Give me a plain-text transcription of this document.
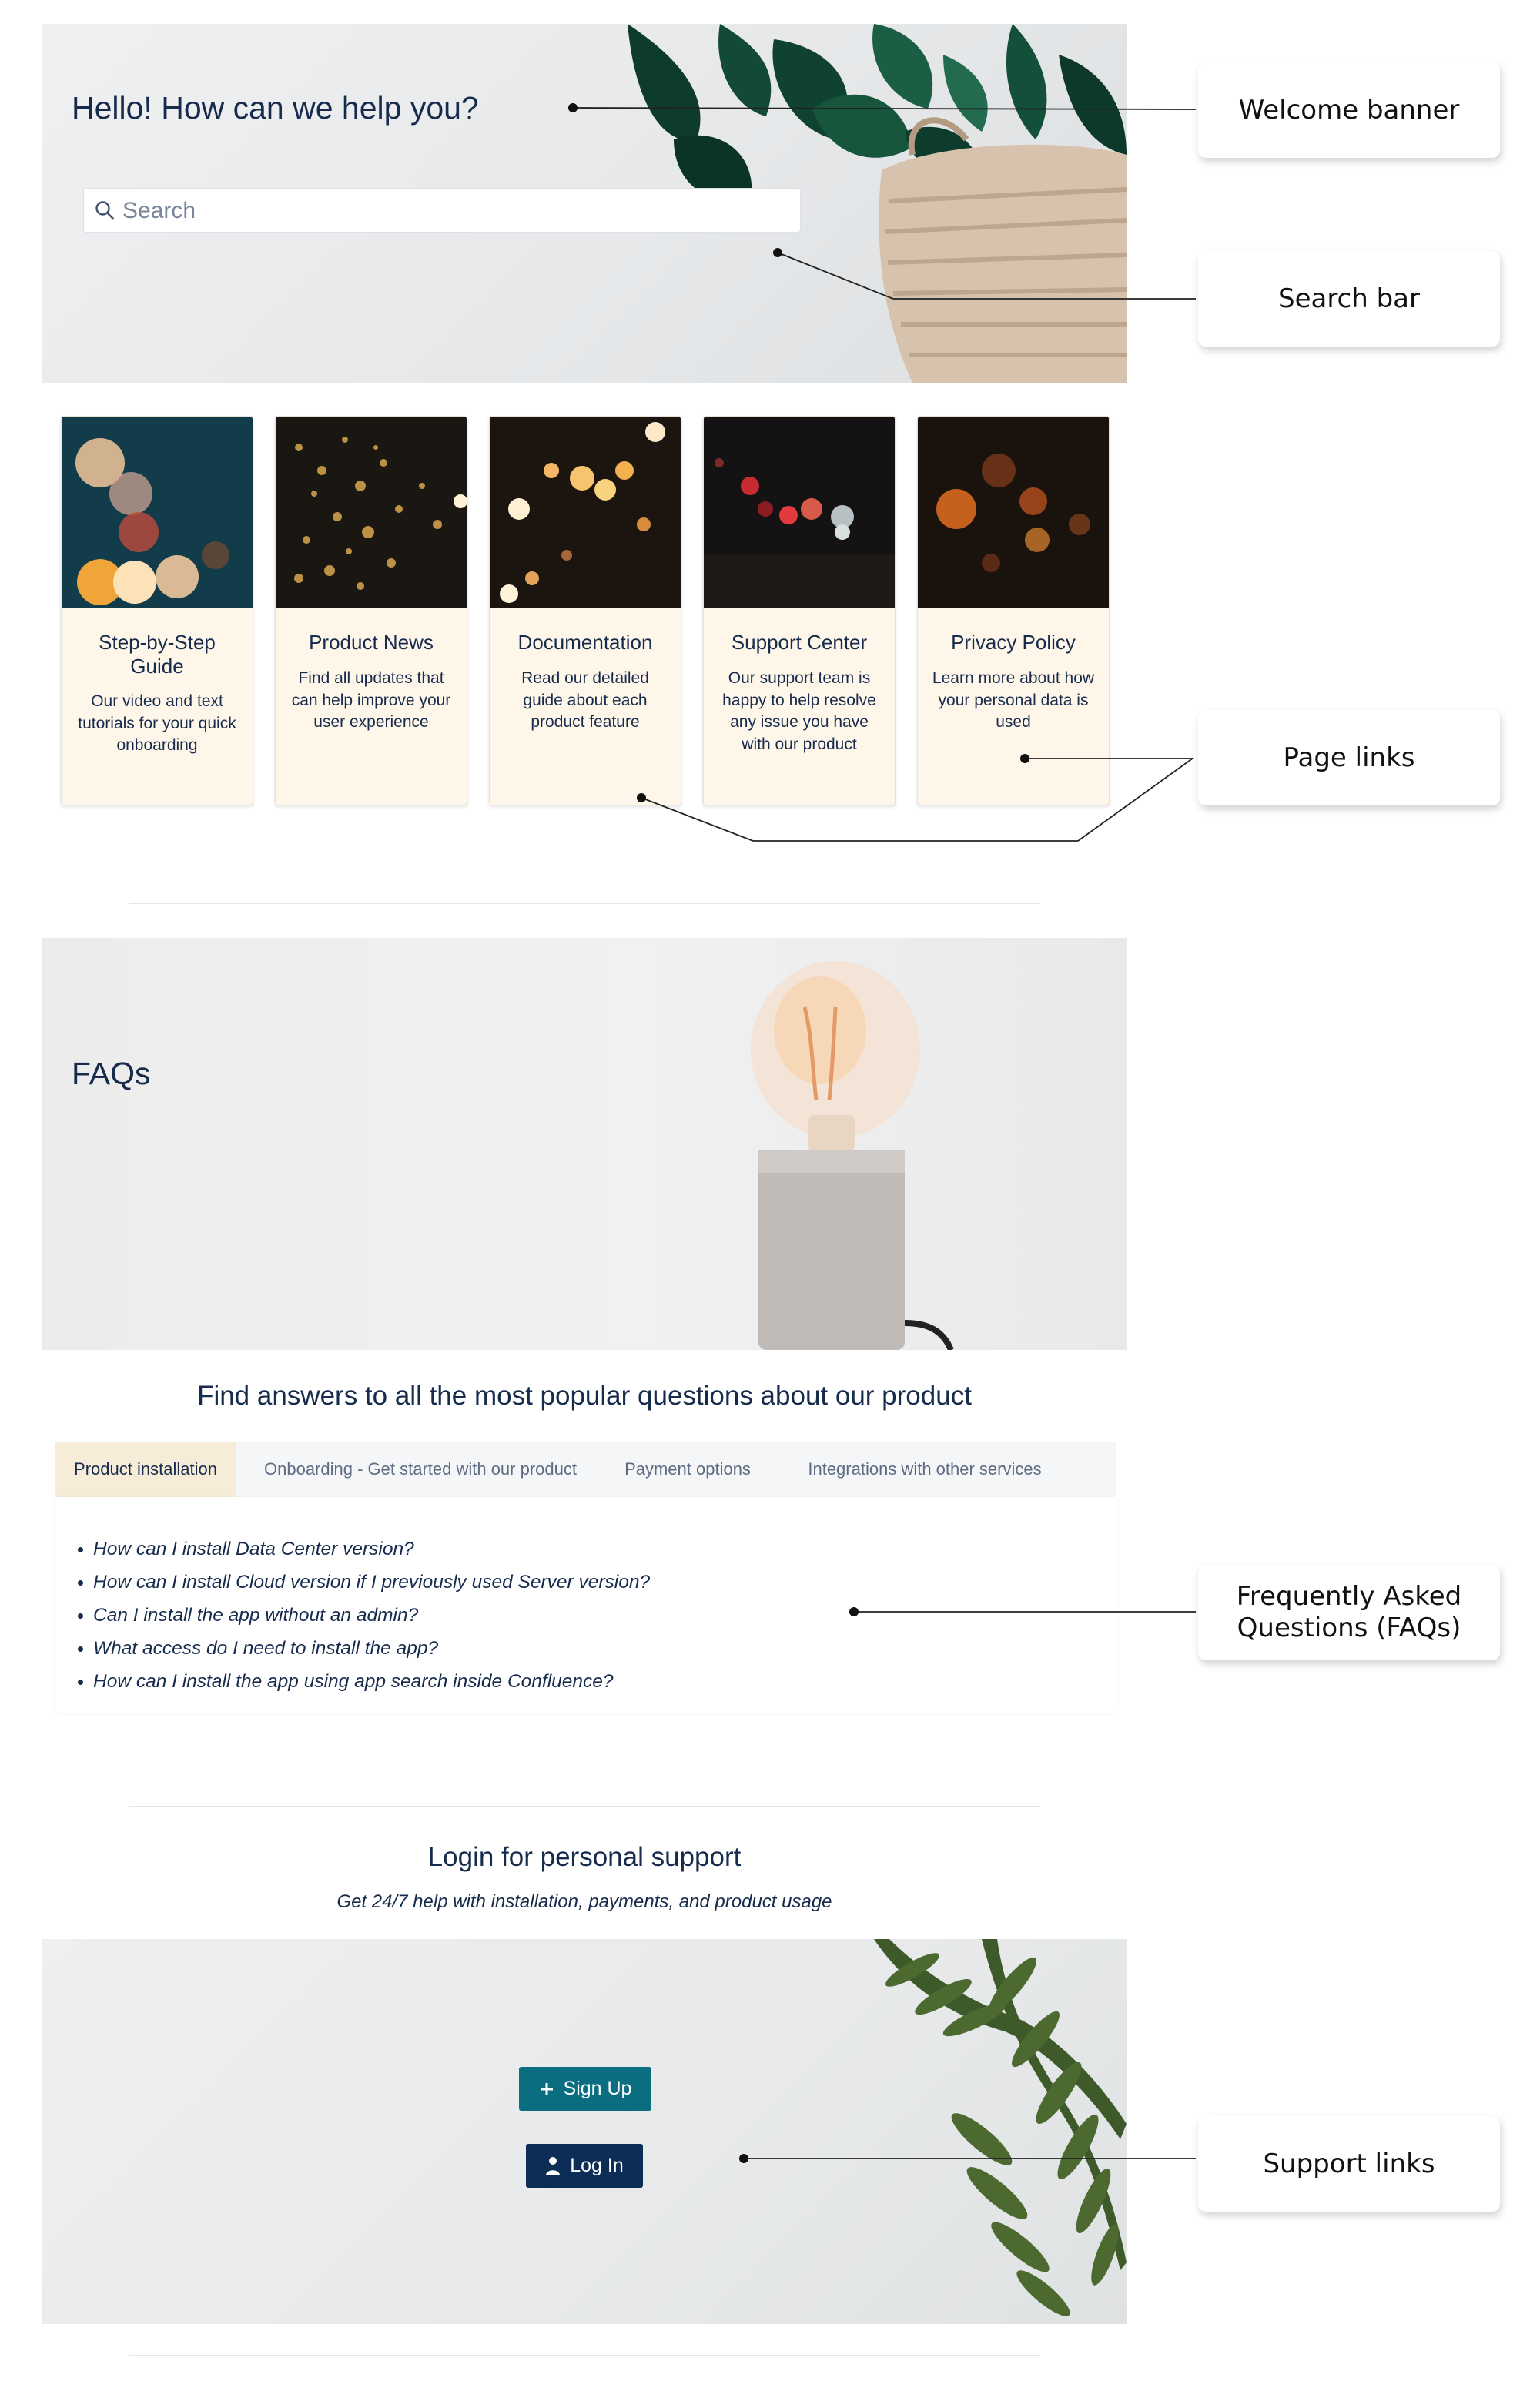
Hello! How can we help you?
Search
Step-by-Step Guide
Our video and text tutorials for your quick onboarding
Product News
Find all updates that can help improve your user experience
Documentation
Read our detailed guide about each product feature
Support Center
Our support team is happy to help resolve any issue you have with our product
Privacy Policy
Learn more about how your personal data is used
FAQs
Find answers to all the most popular questions about our product
Product installation	Onboarding - Get started with our product	Payment options	Integrations with other services
How can I install Data Center version?
How can I install Cloud version if I previously used Server version?
Can I install the app without an admin?
What access do I need to install the app?
How can I install the app using app search inside Confluence?
Login for personal support
Get 24/7 help with installation, payments, and product usage
Sign Up
Log In
Welcome banner
Search bar
Page links
Frequently Asked Questions (FAQs)
Support links
